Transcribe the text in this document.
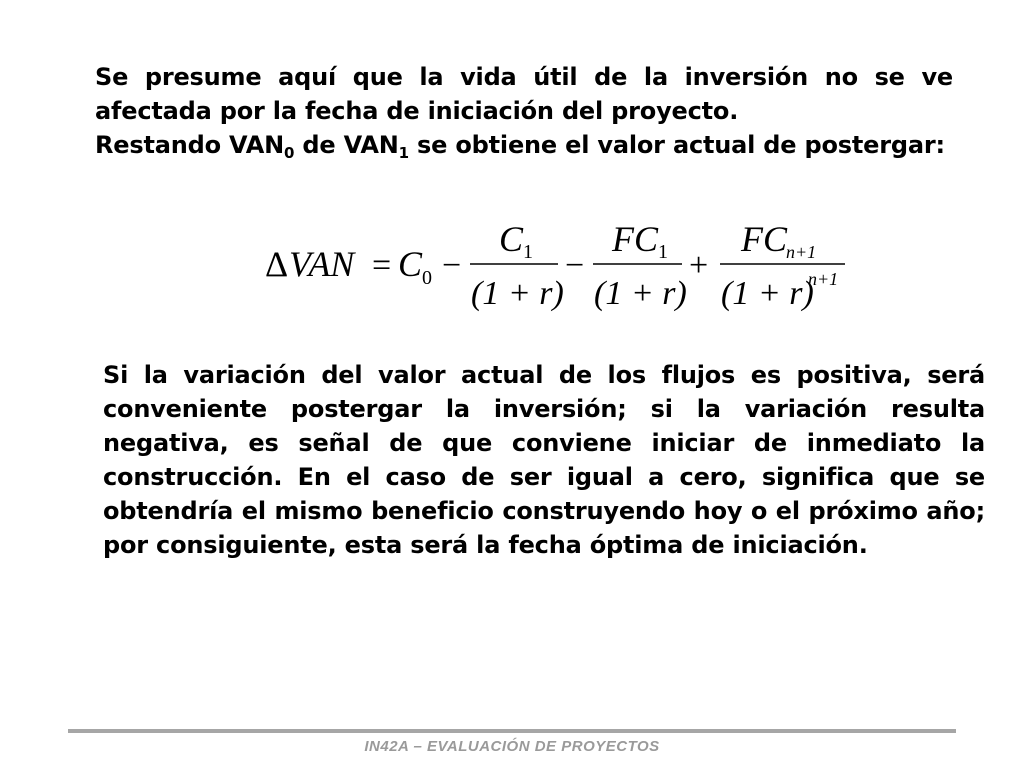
Se presume aquí que la vida útil de la inversión no se ve afectada por la fecha de iniciación del proyecto.
Restando $VAN_0$ de $VAN_1$ se obtiene el valor actual de postergar:
Δ VAN = C 0 −
C 1
(1 + r)
−
FC 1
(1 + r)
+
FC
n+1
(1 + r)
n+1
Si la variación del valor actual de los flujos es positiva, será conveniente postergar la inversión; si la variación resulta negativa, es señal de que conviene iniciar de inmediato la construcción. En el caso de ser igual a cero, significa que se obtendría el mismo beneficio construyendo hoy o el próximo año; por consiguiente, esta será la fecha óptima de iniciación.
IN42A – EVALUACIÓN DE PROYECTOS
